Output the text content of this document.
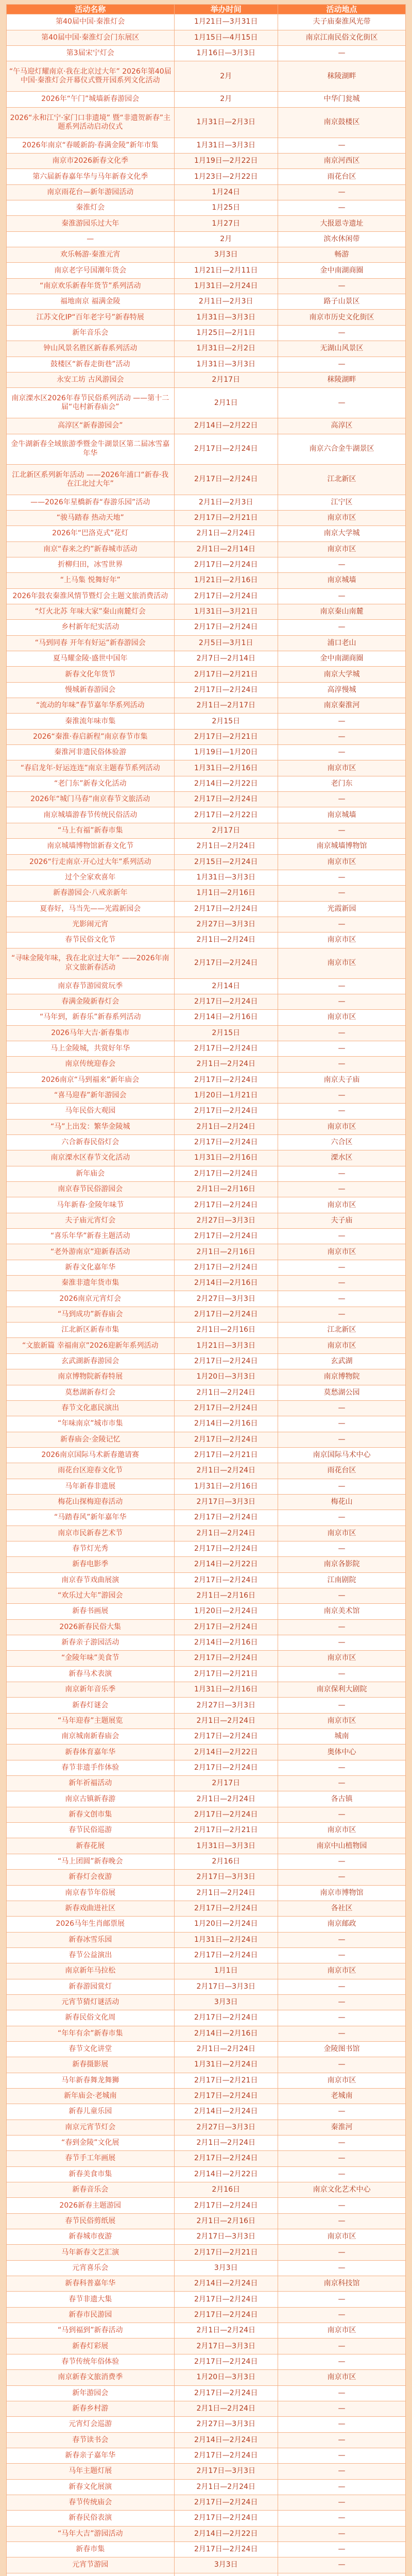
活动名称	举办时间	活动地点
第40届中国·秦淮灯会	1月21日—3月31日	夫子庙秦淮风光带
第40届中国·秦淮灯会门东展区	1月15日—4月15日	南京江南民俗文化街区
第3届宋宁灯会	1月16日—3月3日	—
“午马迎灯耀南京·我在北京过大年” 2026年第40届中国·秦淮灯会开幕仪式暨开园系列文化活动	2月	秣陵湖畔
2026年“午门”城墙新春游园会	2月	中华门瓮城
2026“永和江宁·家门口非遗境” 暨“非遗贺新春”主题系列活动启动仪式	1月31日—2月3日	南京鼓楼区
2026年南京“春暖新韵·春满金陵”新年市集	1月31日—3月3日	—
南京市2026新春文化季	1月19日—2月22日	南京河西区
第六届新春嘉年华与马年新春文化季	1月23日—2月22日	雨花台区
南京雨花台—新年游园活动	1月24日	—
秦淮灯会	1月25日	—
秦淮游园乐过大年	1月27日	大报恩寺遗址
—	2月	滨水休闲带
欢乐畅游·秦淮元宵	3月3日	畅游
南京老字号国潮年货会	1月21日—2月11日	金中南湖商圈
“南京欢乐新春年货节”系列活动	1月31日—2月24日	—
福地南京 福满金陵	2月1日—2月3日	路子山景区
江苏文化IP“百年老字号”新春特展	1月31日—3月3日	南京市历史文化街区
新年音乐会	1月25日—2月1日	—
钟山风景名胜区新春系列活动	1月31日—2月2日	无湖山风景区
鼓楼区“新春走街巷”活动	1月31日—3月3日	—
永安工坊 古风游园会	2月17日	秣陵湖畔
南京溧水区2026年春节民俗系列活动 ——第十二届“屯村新春庙会”	2月1日	—
高淳区“新春游园会”	2月14日—2月22日	高淳区
金牛湖新春全域旅游季暨金牛湖景区第二届冰雪嘉年华	2月17日—2月24日	南京六合金牛湖景区
江北新区系列新年活动 ——2026年浦口“新春·我在江北过大年”	2月17日—2月24日	江北新区
——2026年星橋新春“春游乐园”活动	2月1日—2月3日	江宁区
“骏马踏春 热动天地”	2月17日—2月21日	南京市区
2026年“巴洛克式”花灯	2月1日—2月24日	南京大学城
南京“春来之约”新春城市活动	2月1日—2月14日	南京市区
折柳归田，冰雪世界	2月17日—2月24日	—
“上马集 悦舞好年”	1月21日—2月16日	南京城墙
2026年鼓农秦淮风情节暨灯会主题文旅消费活动	2月17日—2月24日	—
“灯火北苏 年味大家”秦山南麓灯会	1月31日—3月21日	南京秦山南麓
乡村新年纪实活动	2月17日—2月24日	—
“马到同春 开年有好运”新春游园会	2月5日—3月1日	浦口老山
夏马耀金陵·盛世中国年	2月7日—2月14日	金中南湖商圈
新春文化年货节	2月17日—2月21日	南京大学城
慢城新春游园会	2月17日—2月24日	高淳慢城
“流动的年味”春节嘉年华系列活动	2月1日—2月17日	南京秦淮河
秦淮流年味市集	2月15日	—
2026“秦淮·春启新程”南京春节市集	2月17日—2月21日	—
秦淮河非遗民俗体验游	1月19日—1月20日	—
“春启龙年·好运连连”南京主题春节系列活动	1月31日—2月16日	南京市区
“老门东”新春文化活动	2月14日—2月22日	老门东
2026年“城门马春”南京春节文旅活动	2月17日—2月24日	—
南京城墙游春节传统民俗活动	2月17日—2月22日	南京城墙
“马上有福”新春市集	2月17日	—
南京城墙博物馆新春文化节	2月1日—2月24日	南京城墙博物馆
2026“行走南京·开心过大年”系列活动	2月15日—2月24日	南京市区
过个全家欢喜年	1月31日—3月3日	—
新春游园会·八戒亲新年	1月1日—2月16日	—
夏春好，马当先——光霞新园会	2月17日—2月24日	光霞新园
光影闹元宵	2月27日—3月3日	—
春节民俗文化节	2月1日—2月24日	南京市区
“寻味金陵年味，我在北京过大年” ——2026年南京文旅新春活动	2月17日—2月24日	南京市区
南京春节游园赏玩季	2月14日	—
春满金陵新春灯会	2月17日—2月24日	—
“马年到，新春乐”新春系列活动	2月14日—2月16日	南京市区
2026马年大吉·新春集市	2月15日	—
马上金陵城，共赏好年华	2月17日—2月24日	—
南京传统迎春会	2月1日—2月24日	—
2026南京“马到福来”新年庙会	2月17日—2月24日	南京夫子庙
“喜马迎春”新年游园会	1月20日—1月21日	—
马年民俗大观园	2月17日—2月24日	—
“马”上出发：繁华金陵城	2月1日—2月24日	南京市区
六合新春民俗灯会	2月17日—2月24日	六合区
南京溧水区春节文化活动	1月31日—2月16日	溧水区
新年庙会	2月17日—2月24日	—
南京春节民俗游园会	2月1日—2月16日	—
马年新春·金陵年味节	2月17日—2月24日	南京市区
夫子庙元宵灯会	2月27日—3月3日	夫子庙
“喜乐年华”新春主题活动	2月17日—2月24日	—
“老外游南京”迎新春活动	2月1日—2月16日	南京市区
新春文化嘉年华	2月17日—2月24日	—
秦淮非遗年货市集	2月14日—2月16日	—
2026南京元宵灯会	2月27日—3月3日	—
“马到成功”新春庙会	2月17日—2月24日	—
江北新区新春市集	2月1日—2月16日	江北新区
“文旅新篇 幸福南京”2026迎新年系列活动	1月21日—3月3日	南京市区
玄武湖新春游园会	2月17日—2月24日	玄武湖
南京博物院新春特展	1月20日—3月3日	南京博物院
莫愁湖新春灯会	2月1日—2月24日	莫愁湖公园
春节文化惠民演出	2月17日—2月24日	—
“年味南京”城市市集	2月14日—2月16日	—
新春庙会·金陵记忆	2月17日—2月24日	—
2026南京国际马术新春邀请赛	2月17日—2月21日	南京国际马术中心
雨花台区迎春文化节	2月1日—2月24日	雨花台区
马年新春非遗展	1月31日—2月16日	—
梅花山探梅迎春活动	2月17日—3月3日	梅花山
“马踏春风”新年嘉年华	2月17日—2月24日	—
南京市民新春艺术节	2月1日—2月24日	南京市区
春节灯光秀	2月17日—2月24日	—
新春电影季	2月14日—2月22日	南京各影院
南京春节戏曲展演	2月17日—2月24日	江南剧院
“欢乐过大年”游园会	2月1日—2月16日	—
新春书画展	1月20日—2月24日	南京美术馆
2026新春民俗大集	2月17日—2月24日	—
新春亲子游园活动	2月14日—2月16日	—
“金陵年味”美食节	2月17日—2月24日	南京市区
新春马术表演	2月17日—2月21日	—
南京新年音乐季	1月31日—2月16日	南京保利大剧院
新春灯谜会	2月27日—3月3日	—
“马年迎春”主题展览	2月1日—2月24日	南京市区
南京城南新春庙会	2月17日—2月24日	城南
新春体育嘉年华	2月14日—2月22日	奥体中心
春节非遗手作体验	2月17日—2月24日	—
新年祈福活动	2月17日	—
南京古镇新春游	2月1日—2月24日	各古镇
新春文创市集	2月17日—2月24日	—
春节民俗巡游	2月17日—2月21日	南京市区
新春花展	1月31日—3月3日	南京中山植物园
“马上团圆”新春晚会	2月16日	—
新春灯会夜游	2月17日—3月3日	—
南京春节年俗展	2月1日—2月24日	南京市博物馆
新春戏曲进社区	2月17日—2月24日	各社区
2026马年生肖邮票展	1月20日—2月24日	南京邮政
新春冰雪乐园	1月31日—2月24日	—
春节公益演出	2月17日—2月24日	—
南京新年马拉松	1月1日	南京市区
新春游园赏灯	2月17日—3月3日	—
元宵节猜灯谜活动	3月3日	—
新春民俗文化周	2月17日—2月24日	—
“年年有余”新春市集	2月14日—2月16日	—
春节文化讲堂	2月1日—2月24日	金陵图书馆
新春摄影展	1月31日—2月24日	—
马年新春舞龙舞狮	2月17日—2月21日	南京市区
新年庙会·老城南	2月17日—2月24日	老城南
新春儿童乐园	2月14日—2月24日	—
南京元宵节灯会	2月27日—3月3日	秦淮河
“春到金陵”文化展	2月1日—2月24日	—
春节手工年画展	2月17日—2月24日	—
新春美食市集	2月14日—2月22日	—
新春音乐会	2月16日	南京文化艺术中心
2026新春主题游园	2月17日—2月24日	—
春节民俗剪纸展	2月1日—2月16日	—
新春城市夜游	2月17日—3月3日	南京市区
马年新春文艺汇演	2月17日—2月21日	—
元宵喜乐会	3月3日	—
新春科普嘉年华	2月14日—2月24日	南京科技馆
春节非遗大集	2月17日—2月24日	—
新春市民游园	2月17日—2月24日	—
“马到福到”新春活动	2月1日—2月24日	南京市区
新春灯彩展	2月17日—3月3日	—
春节传统年俗体验	2月17日—2月24日	—
南京新春文旅消费季	1月20日—3月3日	南京市区
新年游园会	2月17日—2月24日	—
新春乡村游	2月1日—2月24日	—
元宵灯会巡游	2月27日—3月3日	—
春节读书会	2月14日—2月24日	—
新春亲子嘉年华	2月17日—2月24日	—
马年主题灯展	2月17日—3月3日	—
新春文化展演	2月1日—2月24日	—
春节传统庙会	2月17日—2月24日	—
新春民俗表演	2月17日—2月24日	—
“马年大吉”游园活动	2月14日—2月22日	—
新春市集	2月17日—2月24日	—
元宵节游园	3月3日	—
